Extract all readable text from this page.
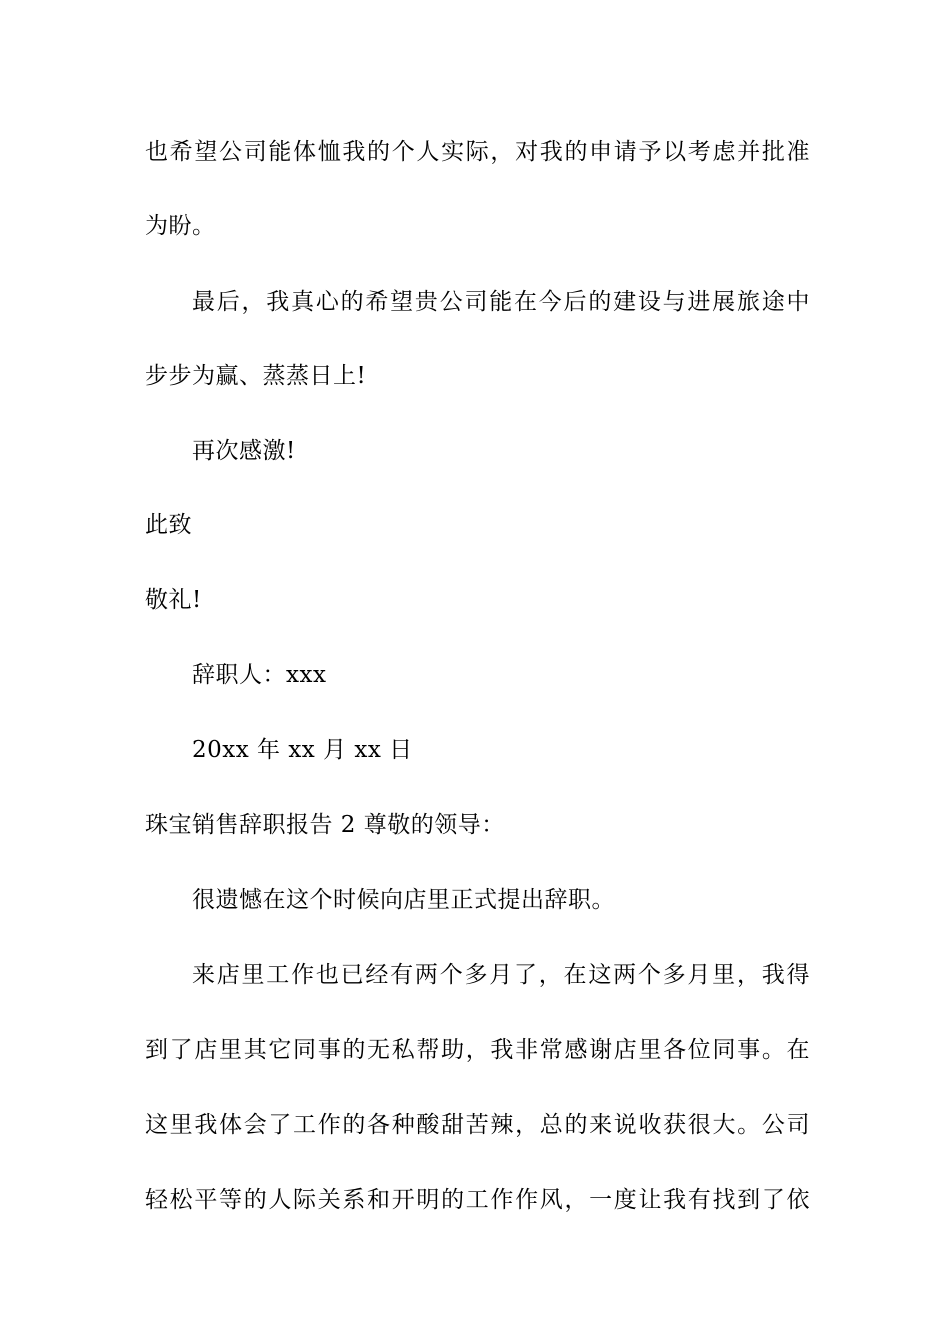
也希望公司能体恤我的个人实际，对我的申请予以考虑并批准
为盼。
最后，我真心的希望贵公司能在今后的建设与进展旅途中
步步为赢、蒸蒸日上!
再次感激!
此致
敬礼!
辞职人：xxx
20xx 年 xx 月 xx 日
珠宝销售辞职报告 2 尊敬的领导：
很遗憾在这个时候向店里正式提出辞职。
来店里工作也已经有两个多月了，在这两个多月里，我得
到了店里其它同事的无私帮助，我非常感谢店里各位同事。在
这里我体会了工作的各种酸甜苦辣，总的来说收获很大。公司
轻松平等的人际关系和开明的工作作风，一度让我有找到了依
